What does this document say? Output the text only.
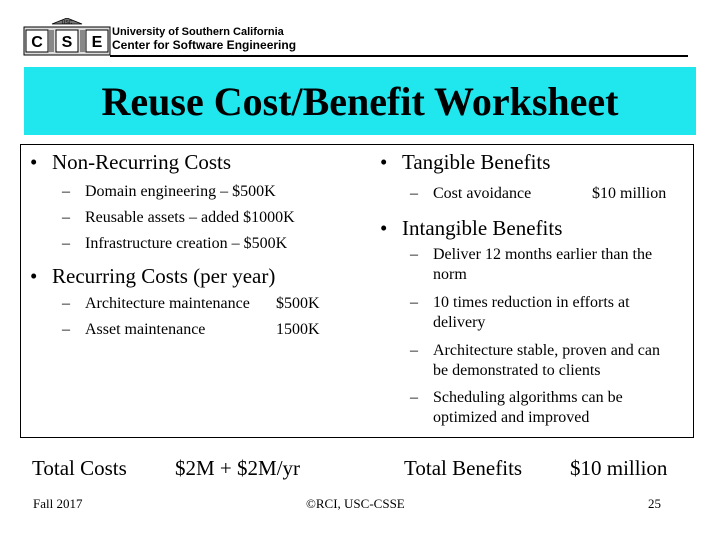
USC
C S E
University of Southern California
Center for Software Engineering
Reuse Cost/Benefit Worksheet
• Non-Recurring Costs
– Domain engineering – $500K
– Reusable assets – added $1000K
– Infrastructure creation – $500K
• Recurring Costs (per year)
– Architecture maintenance $500K
– Asset maintenance	1500K
• Tangible Benefits
– Cost avoidance	$10 million
• Intangible Benefits
– Deliver 12 months earlier than the
norm
– 10 times reduction in efforts at
delivery
– Architecture stable, proven and can
be demonstrated to clients
– Scheduling algorithms can be
optimized and improved
Total Costs $2M + $2M/yr	Total Benefits $10 million
Fall 2017	©RCI, USC-CSSE	25
